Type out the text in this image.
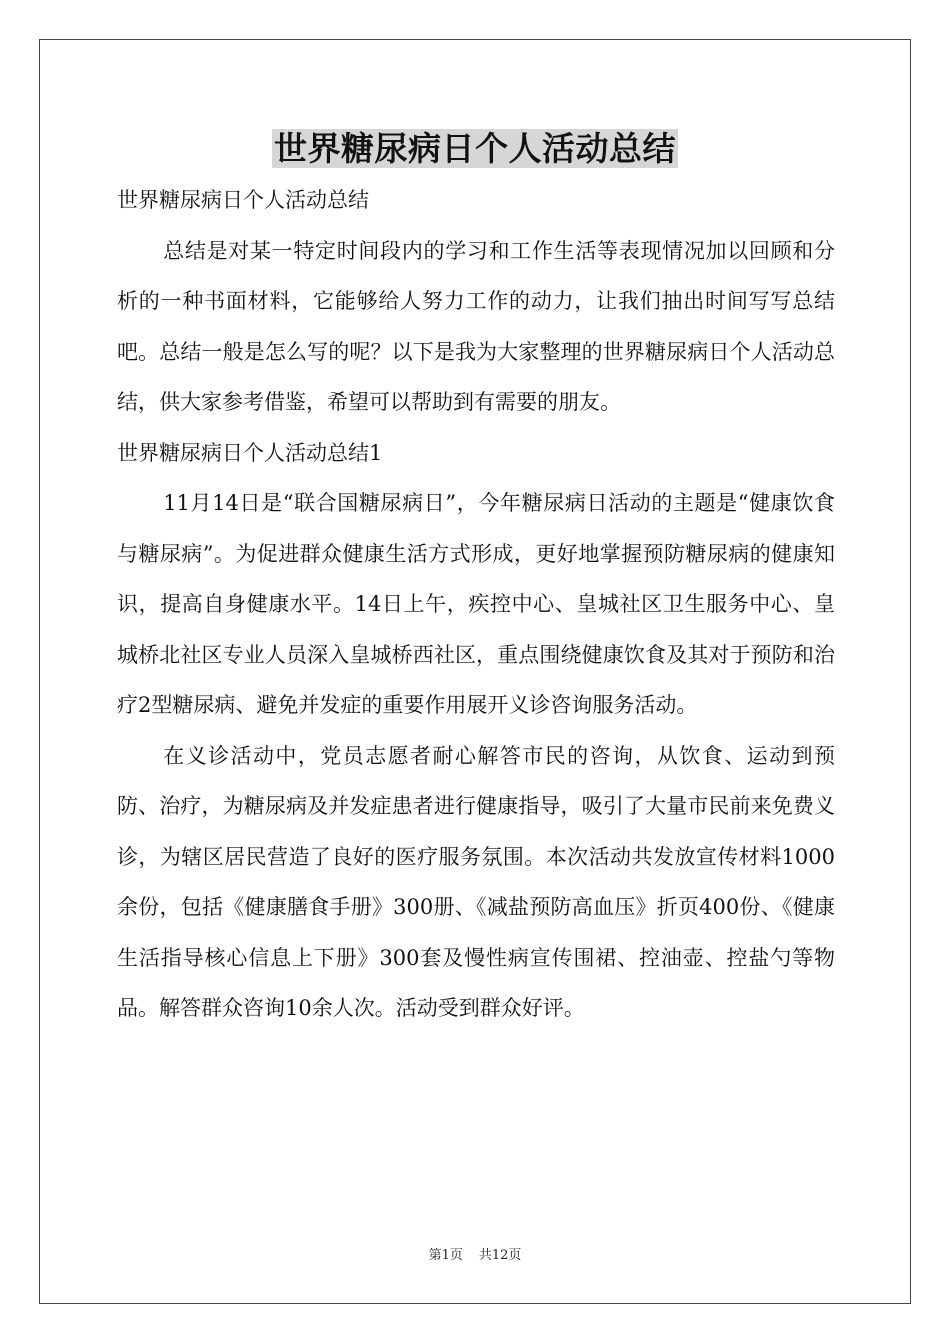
世界糖尿病日个人活动总结

世界糖尿病日个人活动总结

总结是对某一特定时间段内的学习和工作生活等表现情况加以回顾和分析的一种书面材料，它能够给人努力工作的动力，让我们抽出时间写写总结吧。总结一般是怎么写的呢？以下是我为大家整理的世界糖尿病日个人活动总结，供大家参考借鉴，希望可以帮助到有需要的朋友。

世界糖尿病日个人活动总结1

11月14日是“联合国糖尿病日”，今年糖尿病日活动的主题是“健康饮食与糖尿病”。为促进群众健康生活方式形成，更好地掌握预防糖尿病的健康知识，提高自身健康水平。14日上午，疾控中心、皇城社区卫生服务中心、皇城桥北社区专业人员深入皇城桥西社区，重点围绕健康饮食及其对于预防和治疗2型糖尿病、避免并发症的重要作用展开义诊咨询服务活动。

在义诊活动中，党员志愿者耐心解答市民的咨询，从饮食、运动到预防、治疗，为糖尿病及并发症患者进行健康指导，吸引了大量市民前来免费义诊，为辖区居民营造了良好的医疗服务氛围。本次活动共发放宣传材料1000余份，包括《健康膳食手册》300册、《减盐预防高血压》折页400份、《健康生活指导核心信息上下册》300套及慢性病宣传围裙、控油壶、控盐勺等物品。解答群众咨询10余人次。活动受到群众好评。

第1页 共12页
